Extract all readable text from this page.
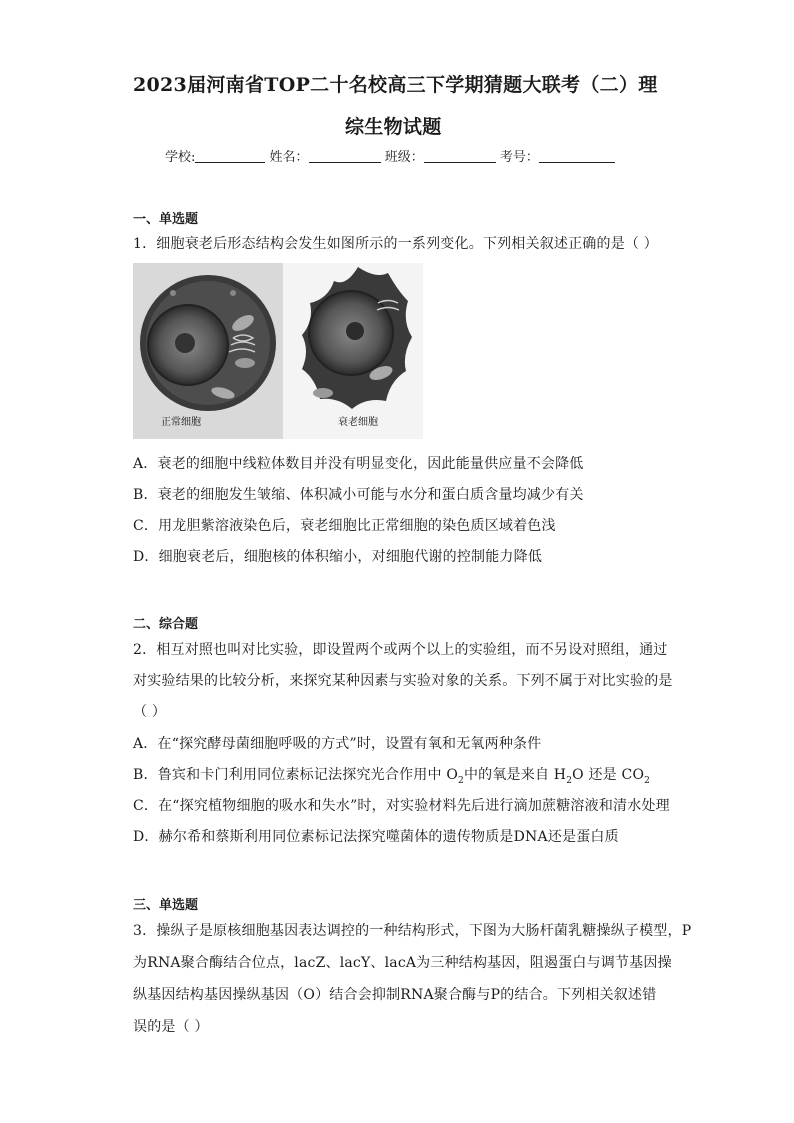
2023届河南省TOP二十名校高三下学期猜题大联考（二）理
综生物试题
学校:	姓名：	班级：	考号：
一、单选题
1．细胞衰老后形态结构会发生如图所示的一系列变化。下列相关叙述正确的是（ ）
正常细胞	衰老细胞
A．衰老的细胞中线粒体数目并没有明显变化，因此能量供应量不会降低
B．衰老的细胞发生皱缩、体积减小可能与水分和蛋白质含量均减少有关
C．用龙胆紫溶液染色后，衰老细胞比正常细胞的染色质区域着色浅
D．细胞衰老后，细胞核的体积缩小，对细胞代谢的控制能力降低
二、综合题
2．相互对照也叫对比实验，即设置两个或两个以上的实验组，而不另设对照组，通过
对实验结果的比较分析，来探究某种因素与实验对象的关系。下列不属于对比实验的是
（ ）
A．在“探究酵母菌细胞呼吸的方式”时，设置有氧和无氧两种条件
B．鲁宾和卡门利用同位素标记法探究光合作用中 $O_2$中的氧是来自 $H_2O$ 还是 $CO_2$
C．在“探究植物细胞的吸水和失水”时，对实验材料先后进行滴加蔗糖溶液和清水处理
D．赫尔希和蔡斯利用同位素标记法探究噬菌体的遗传物质是DNA还是蛋白质
三、单选题
3．操纵子是原核细胞基因表达调控的一种结构形式，下图为大肠杆菌乳糖操纵子模型，P
为RNA聚合酶结合位点，lacZ、lacY、lacA为三种结构基因，阻遏蛋白与调节基因操
纵基因结构基因操纵基因（O）结合会抑制RNA聚合酶与P的结合。下列相关叙述错
误的是（ ）
